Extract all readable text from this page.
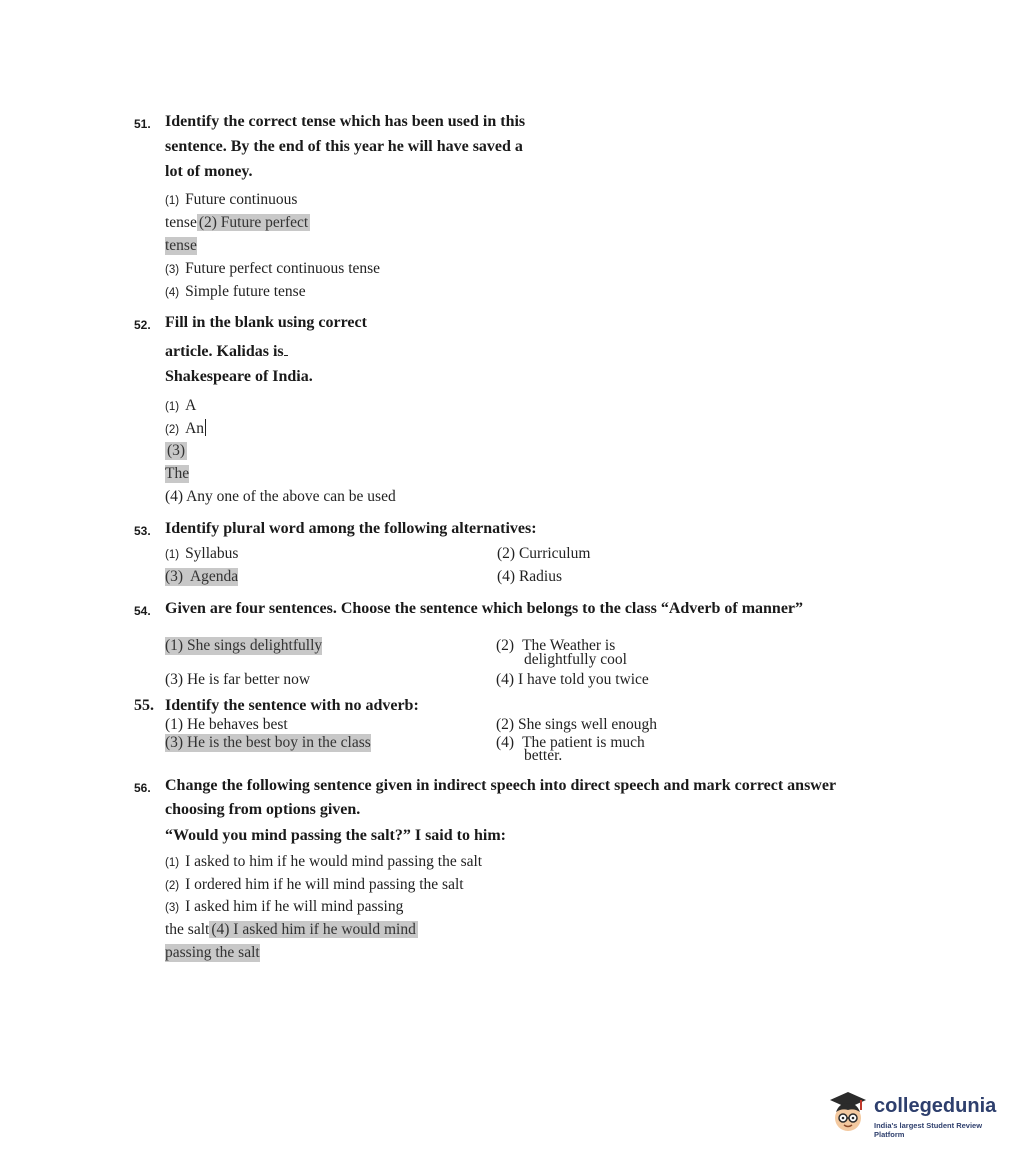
51. Identify the correct tense which has been used in this
sentence. By the end of this year he will have saved a
lot of money.
(1) Future continuous
tense (2) Future perfect
tense
(3) Future perfect continuous tense
(4) Simple future tense
52. Fill in the blank using correct
article. Kalidas is
Shakespeare of India.
(1) A
(2) An
(3)
The
(4) Any one of the above can be used
53. Identify plural word among the following alternatives:
(1) Syllabus	(2) Curriculum
(3)  Agenda	(4) Radius
54. Given are four sentences. Choose the sentence which belongs to the class “Adverb of manner”
(1) She sings delightfully	(2) The Weather is
delightfully cool
(3) He is far better now	(4) I have told you twice
55. Identify the sentence with no adverb:
(1) He behaves best	(2) She sings well enough
(3) He is the best boy in the class	(4) The patient is much
better.
56. Change the following sentence given in indirect speech into direct speech and mark correct answer
choosing from options given.
“Would you mind passing the salt?” I said to him:
(1) I asked to him if he would mind passing the salt
(2) I ordered him if he will mind passing the salt
(3) I asked him if he will mind passing
the salt (4) I asked him if he would mind
passing the salt
collegedunia
India's largest Student Review Platform
